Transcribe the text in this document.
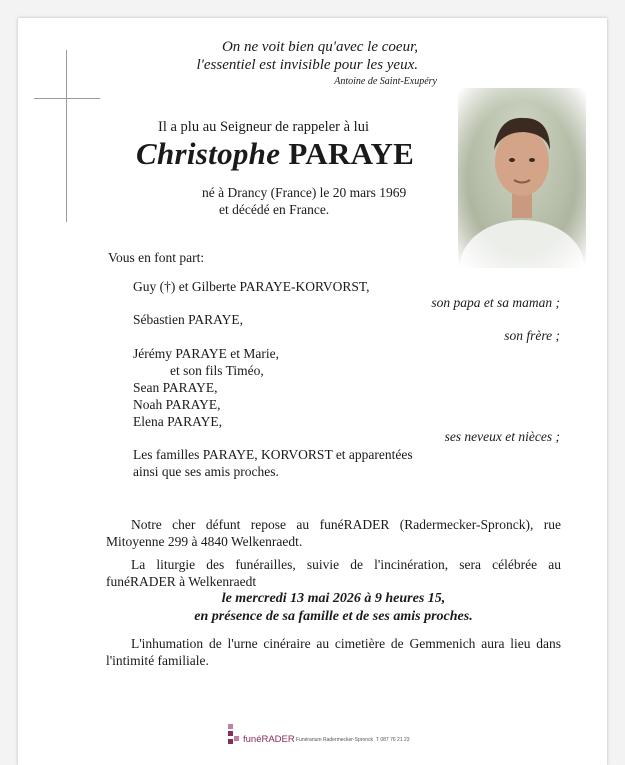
On ne voit bien qu'avec le coeur,
l'essentiel est invisible pour les yeux.
Antoine de Saint-Exupéry
Il a plu au Seigneur de rappeler à lui
Christophe PARAYE
né à Drancy (France) le 20 mars 1969
et décédé en France.
Vous en font part:
Guy (†) et Gilberte PARAYE-KORVORST,
son papa et sa maman ;
Sébastien PARAYE,
son frère ;
Jérémy PARAYE et Marie,
et son fils Timéo,
Sean PARAYE,
Noah PARAYE,
Elena PARAYE,
ses neveux et nièces ;
Les familles PARAYE, KORVORST et apparentées
ainsi que ses amis proches.
Notre cher défunt repose au funéRADER (Radermecker-Spronck), rue Mitoyenne 299 à 4840 Welkenraedt.
La liturgie des funérailles, suivie de l'incinération, sera célébrée au funéRADER à Welkenraedt
le mercredi 13 mai 2026 à 9 heures 15,
en présence de sa famille et de ses amis proches.
L'inhumation de l'urne cinéraire au cimetière de Gemmenich aura lieu dans l'intimité familiale.
funéRADER Funérarium Radermecker-Spronck T 087 76 21 23
